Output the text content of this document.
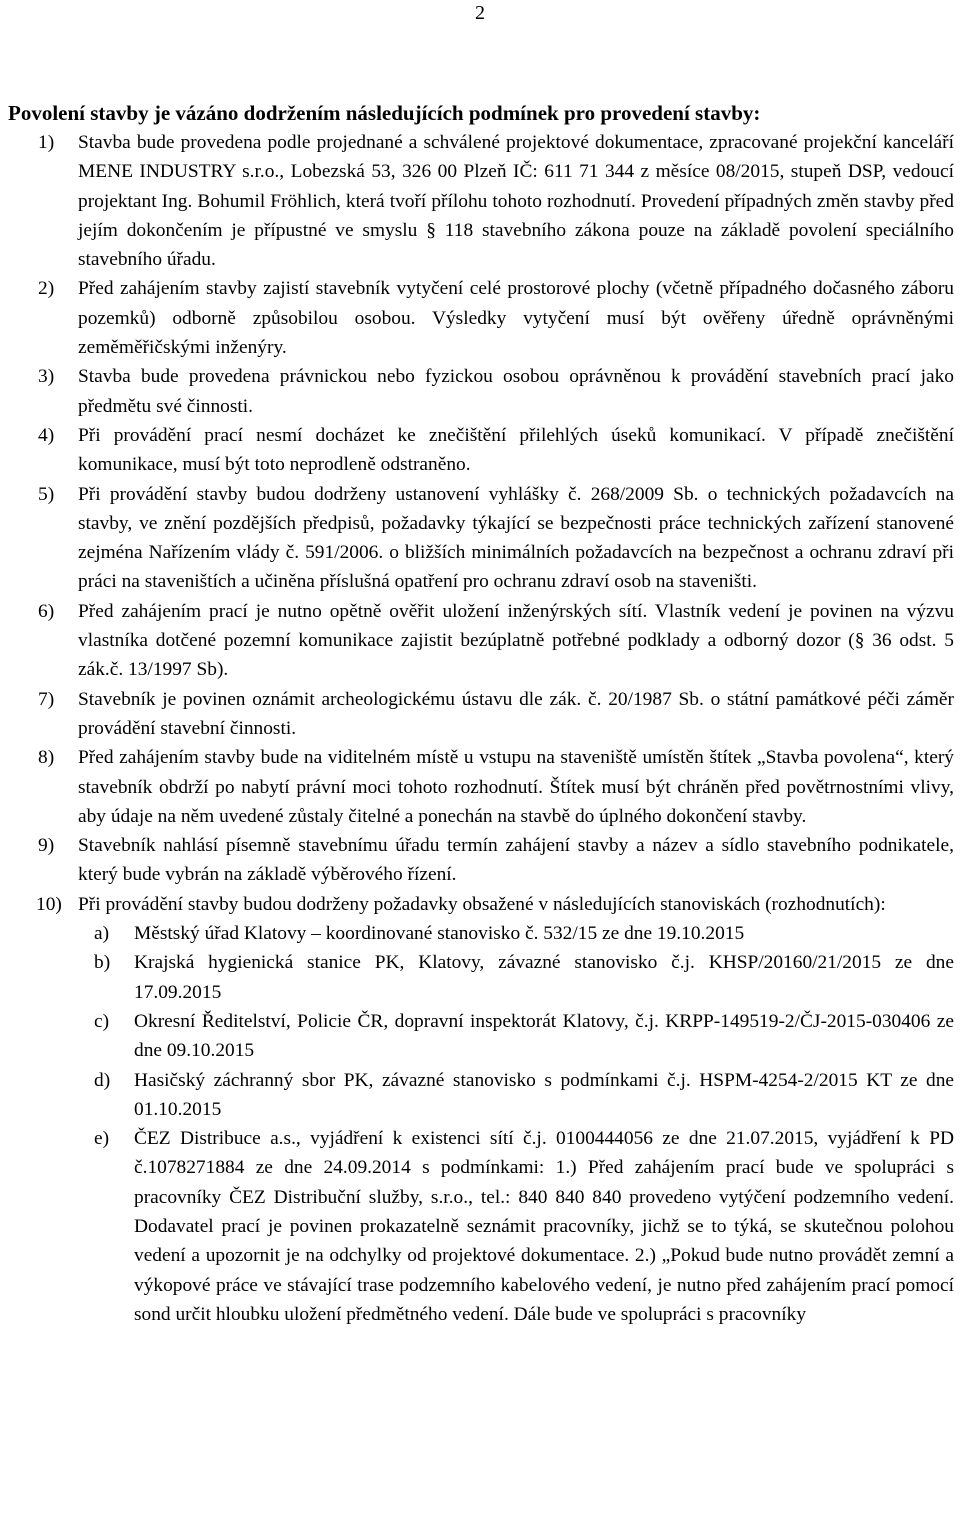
2
Povolení stavby je vázáno dodržením následujících podmínek pro provedení stavby:
1) Stavba bude provedena podle projednané a schválené projektové dokumentace, zpracované projekční kanceláří MENE INDUSTRY s.r.o., Lobezská 53, 326 00 Plzeň IČ: 611 71 344 z měsíce 08/2015, stupeň DSP, vedoucí projektant Ing. Bohumil Fröhlich, která tvoří přílohu tohoto rozhodnutí. Provedení případných změn stavby před jejím dokončením je přípustné ve smyslu § 118 stavebního zákona pouze na základě povolení speciálního stavebního úřadu.
2) Před zahájením stavby zajistí stavebník vytyčení celé prostorové plochy (včetně případného dočasného záboru pozemků) odborně způsobilou osobou. Výsledky vytyčení musí být ověřeny úředně oprávněnými zeměměřičskými inženýry.
3) Stavba bude provedena právnickou nebo fyzickou osobou oprávněnou k provádění stavebních prací jako předmětu své činnosti.
4) Při provádění prací nesmí docházet ke znečištění přilehlých úseků komunikací. V případě znečištění komunikace, musí být toto neprodleně odstraněno.
5) Při provádění stavby budou dodrženy ustanovení vyhlášky č. 268/2009 Sb. o technických požadavcích na stavby, ve znění pozdějších předpisů, požadavky týkající se bezpečnosti práce technických zařízení stanovené zejména Nařízením vlády č. 591/2006. o bližších minimálních požadavcích na bezpečnost a ochranu zdraví při práci na staveništích a učiněna příslušná opatření pro ochranu zdraví osob na staveništi.
6) Před zahájením prací je nutno opětně ověřit uložení inženýrských sítí. Vlastník vedení je povinen na výzvu vlastníka dotčené pozemní komunikace zajistit bezúplatně potřebné podklady a odborný dozor (§ 36 odst. 5 zák.č. 13/1997 Sb).
7) Stavebník je povinen oznámit archeologickému ústavu dle zák. č. 20/1987 Sb. o státní památkové péči záměr provádění stavební činnosti.
8) Před zahájením stavby bude na viditelném místě u vstupu na staveniště umístěn štítek „Stavba povolena“, který stavebník obdrží po nabytí právní moci tohoto rozhodnutí. Štítek musí být chráněn před povětrnostními vlivy, aby údaje na něm uvedené zůstaly čitelné a ponechán na stavbě do úplného dokončení stavby.
9) Stavebník nahlásí písemně stavebnímu úřadu termín zahájení stavby a název a sídlo stavebního podnikatele, který bude vybrán na základě výběrového řízení.
10) Při provádění stavby budou dodrženy požadavky obsažené v následujících stanoviskách (rozhodnutích):
a) Městský úřad Klatovy – koordinované stanovisko č. 532/15 ze dne 19.10.2015
b) Krajská hygienická stanice PK, Klatovy, závazné stanovisko č.j. KHSP/20160/21/2015 ze dne 17.09.2015
c) Okresní Ředitelství, Policie ČR, dopravní inspektorát Klatovy, č.j. KRPP-149519-2/ČJ-2015-030406 ze dne 09.10.2015
d) Hasičský záchranný sbor PK, závazné stanovisko s podmínkami č.j. HSPM-4254-2/2015 KT ze dne 01.10.2015
e) ČEZ Distribuce a.s., vyjádření k existenci sítí č.j. 0100444056 ze dne 21.07.2015, vyjádření k PD č.1078271884 ze dne 24.09.2014 s podmínkami: 1.) Před zahájením prací bude ve spolupráci s pracovníky ČEZ Distribuční služby, s.r.o., tel.: 840 840 840 provedeno vytýčení podzemního vedení. Dodavatel prací je povinen prokazatelně seznámit pracovníky, jichž se to týká, se skutečnou polohou vedení a upozornit je na odchylky od projektové dokumentace. 2.) „Pokud bude nutno provádět zemní a výkopové práce ve stávající trase podzemního kabelového vedení, je nutno před zahájením prací pomocí sond určit hloubku uložení předmětného vedení. Dále bude ve spolupráci s pracovníky
